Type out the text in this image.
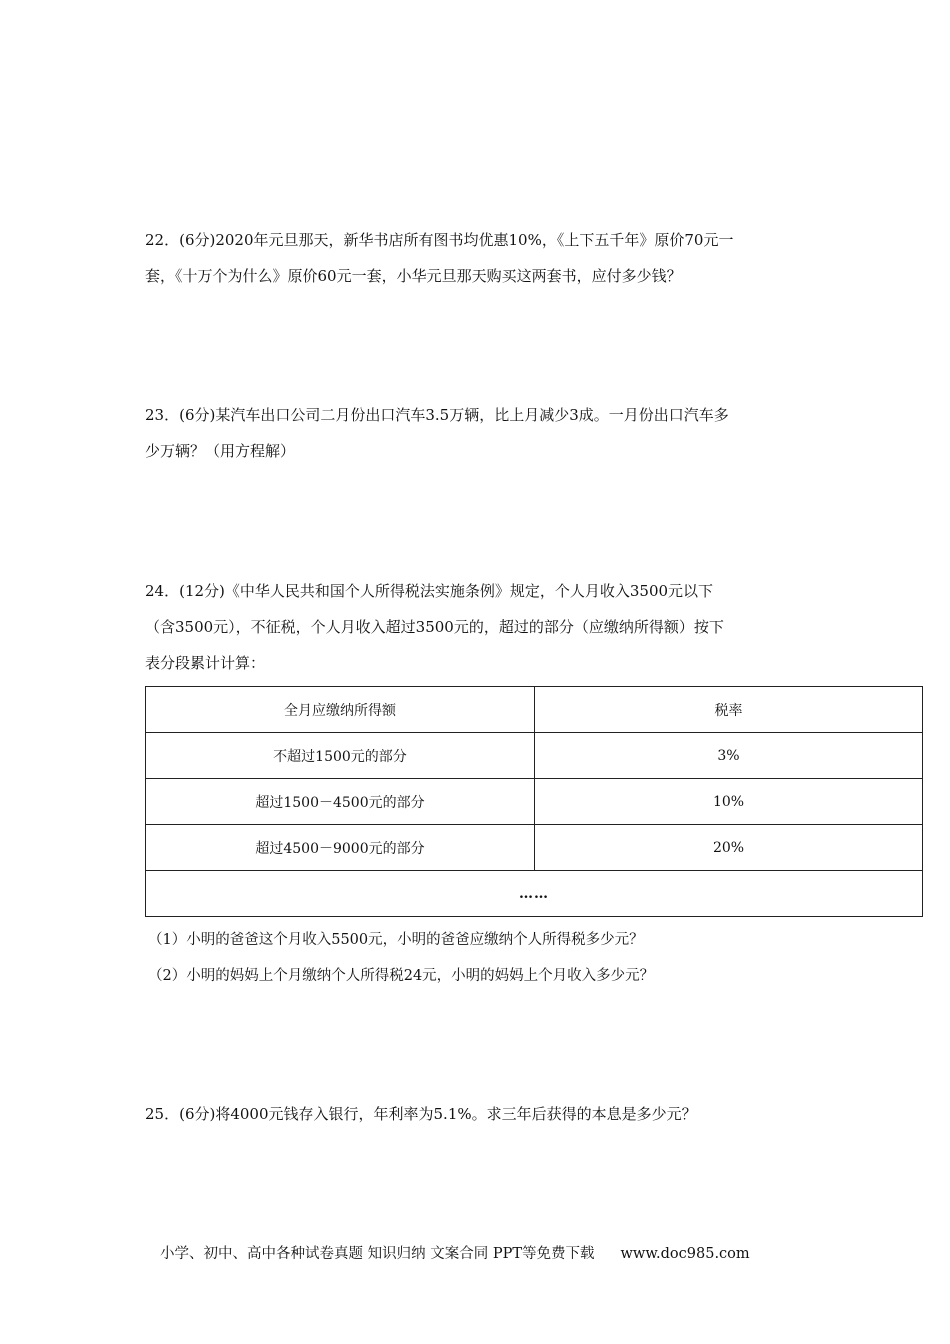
22．(6分)2020年元旦那天，新华书店所有图书均优惠10%，《上下五千年》原价70元一

套，《十万个为什么》原价60元一套，小华元旦那天购买这两套书，应付多少钱？

23．(6分)某汽车出口公司二月份出口汽车3.5万辆，比上月减少3成。一月份出口汽车多

少万辆？（用方程解）

24．(12分)《中华人民共和国个人所得税法实施条例》规定，个人月收入3500元以下

（含3500元），不征税，个人月收入超过3500元的，超过的部分（应缴纳所得额）按下

表分段累计计算：

全月应缴纳所得额	税率
不超过1500元的部分	3%
超过1500－4500元的部分	10%
超过4500－9000元的部分	20%
……	
（1）小明的爸爸这个月收入5500元，小明的爸爸应缴纳个人所得税多少元？
（2）小明的妈妈上个月缴纳个人所得税24元，小明的妈妈上个月收入多少元？

25．(6分)将4000元钱存入银行，年利率为5.1%。求三年后获得的本息是多少元？

小学、初中、高中各种试卷真题 知识归纳 文案合同 PPT等免费下载 www.doc985.com
